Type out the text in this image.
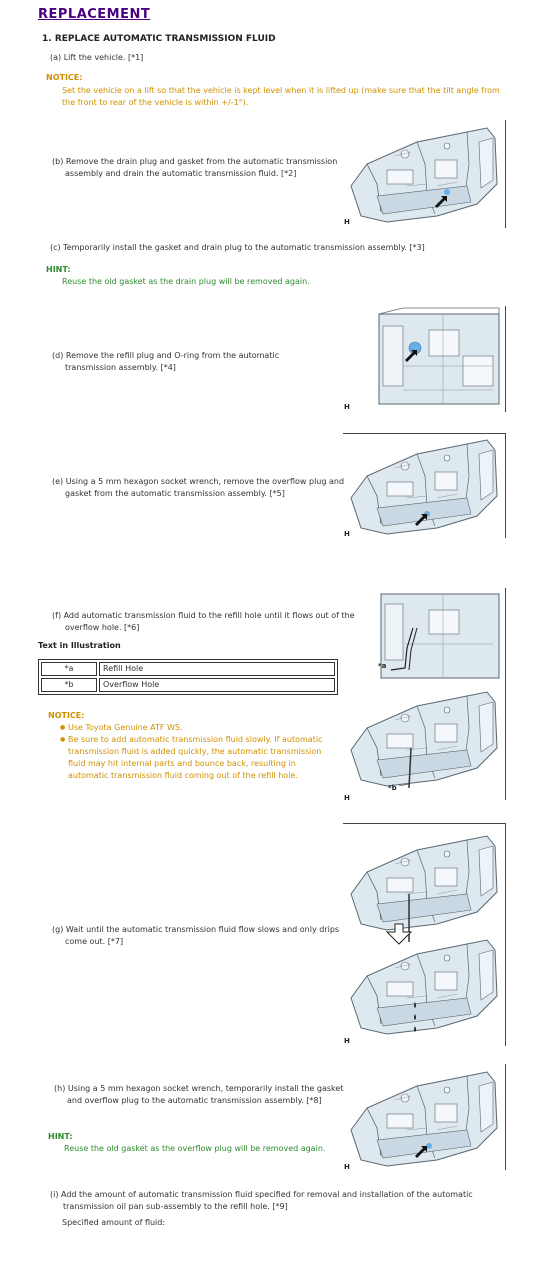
REPLACEMENT
1. REPLACE AUTOMATIC TRANSMISSION FLUID
(a) Lift the vehicle. [*1]
NOTICE:
Set the vehicle on a lift so that the vehicle is kept level when it is lifted up (make sure that the tilt angle from the front to rear of the vehicle is within +/-1°).
H
(b) Remove the drain plug and gasket from the automatic transmission assembly and drain the automatic transmission fluid. [*2]
(c) Temporarily install the gasket and drain plug to the automatic transmission assembly. [*3]
HINT:
Reuse the old gasket as the drain plug will be removed again.
H
(d) Remove the refill plug and O-ring from the automatic transmission assembly. [*4]
H
(e) Using a 5 mm hexagon socket wrench, remove the overflow plug and gasket from the automatic transmission assembly. [*5]
*a
*b
H
(f) Add automatic transmission fluid to the refill hole until it flows out of the overflow hole. [*6]
Text in Illustration
*a	Refill Hole
*b	Overflow Hole
NOTICE:
● Use Toyota Genuine ATF WS.
● Be sure to add automatic transmission fluid slowly. If automatic transmission fluid is added quickly, the automatic transmission fluid may hit internal parts and bounce back, resulting in automatic transmission fluid coming out of the refill hole.
H
(g) Wait until the automatic transmission fluid flow slows and only drips come out. [*7]
H
(h) Using a 5 mm hexagon socket wrench, temporarily install the gasket and overflow plug to the automatic transmission assembly. [*8]
HINT:
Reuse the old gasket as the overflow plug will be removed again.
(i) Add the amount of automatic transmission fluid specified for removal and installation of the automatic transmission oil pan sub-assembly to the refill hole. [*9]
Specified amount of fluid:
